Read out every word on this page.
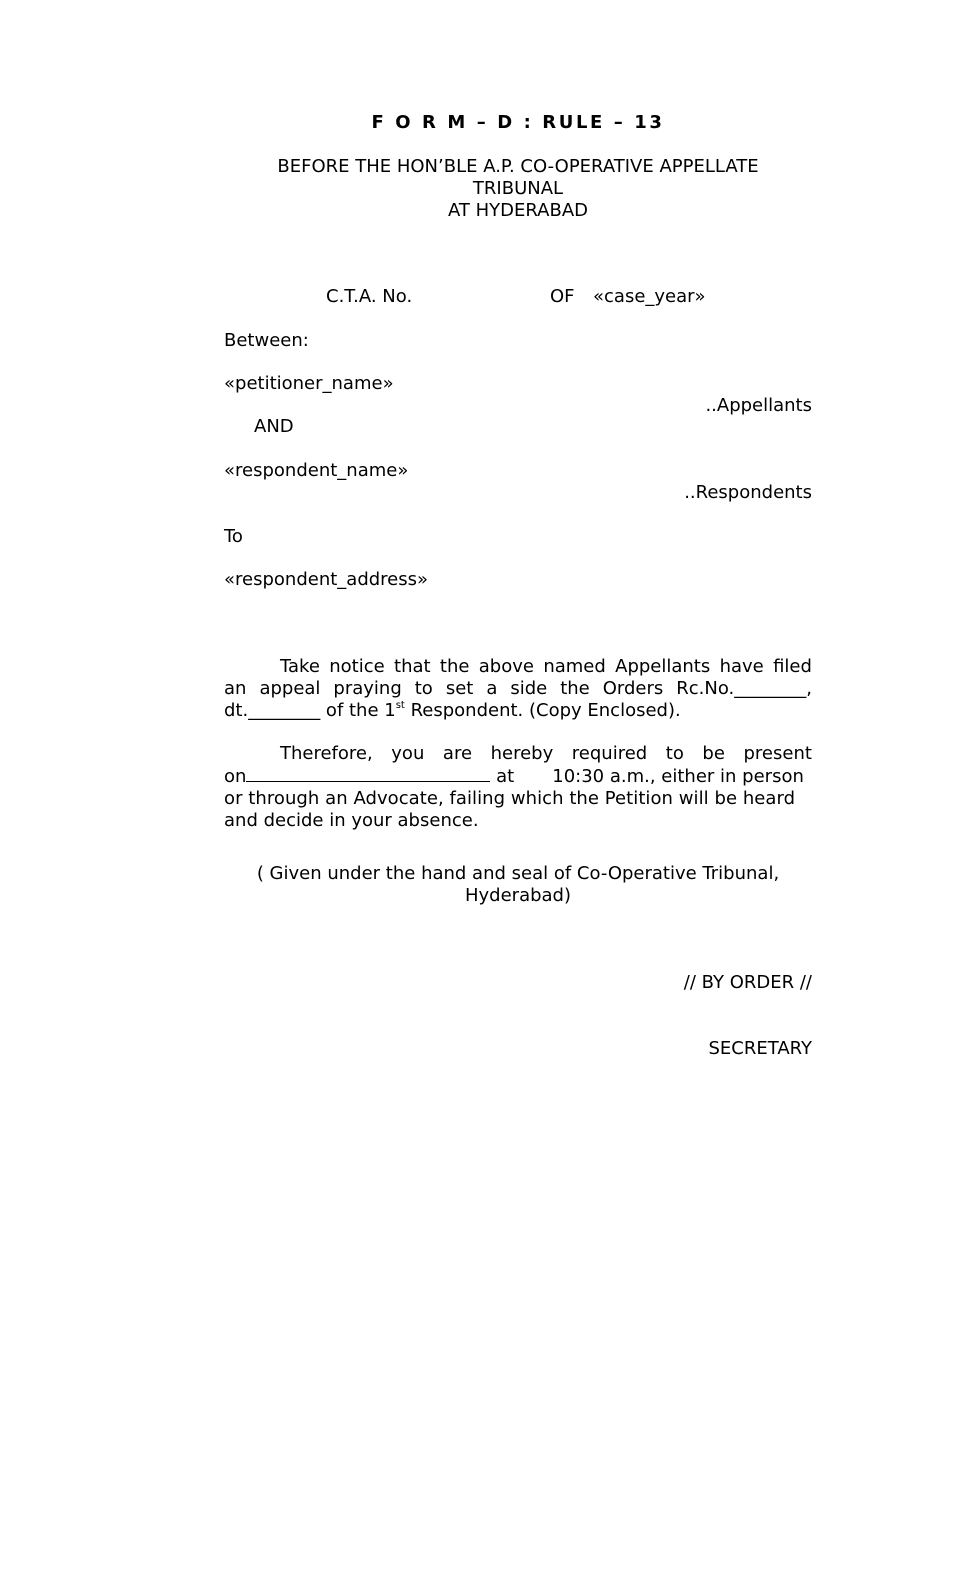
F O R M – D : RULE – 13
BEFORE THE HON’BLE A.P. CO-OPERATIVE APPELLATE
TRIBUNAL
AT HYDERABAD
C.T.A. No.	OF «case_year»
Between:
«petitioner_name»
..Appellants
AND
«respondent_name»
..Respondents
To
«respondent_address»
Take notice that the above named Appellants have filed
an appeal praying to set a side the Orders Rc.No.________,
dt.________ of the 1st Respondent. (Copy Enclosed).
Therefore, you are hereby required to be present
on	at 10:30 a.m., either in person
or through an Advocate, failing which the Petition will be heard
and decide in your absence.
( Given under the hand and seal of Co-Operative Tribunal,
Hyderabad)
// BY ORDER //
SECRETARY
